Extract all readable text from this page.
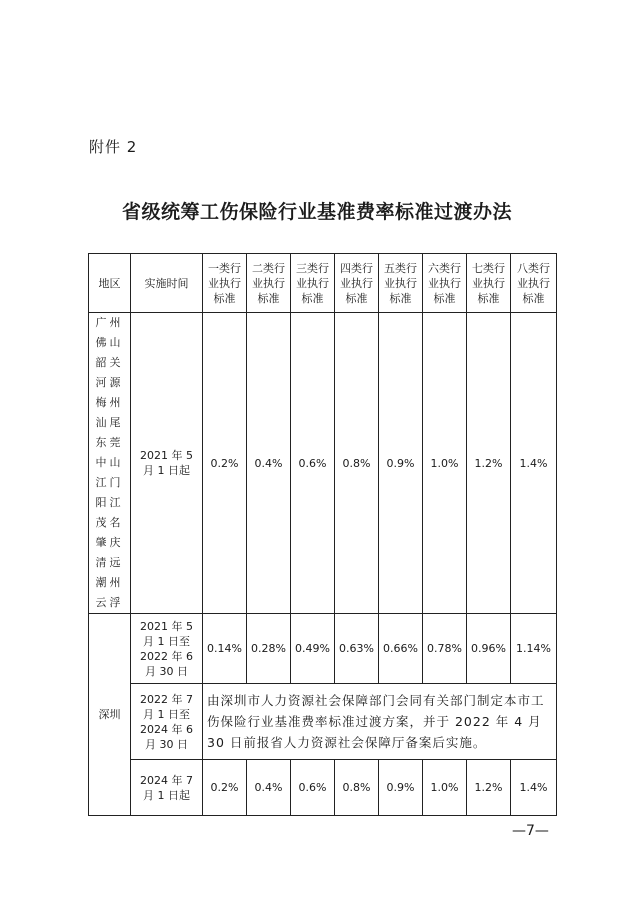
附件 2
省级统筹工伤保险行业基准费率标准过渡办法
地区	实施时间	一类行业执行标准	二类行业执行标准	三类行业执行标准	四类行业执行标准	五类行业执行标准	六类行业执行标准	七类行业执行标准	八类行业执行标准

广州佛山韶关河源梅州汕尾东莞中山江门阳江茂名肇庆清远潮州云浮	2021 年 5 月 1 日起	0.2%	0.4%	0.6%	0.8%	0.9%	1.0%	1.2%	1.4%
深圳	2021 年 5 月 1 日至 2022 年 6 月 30 日	0.14%	0.28%	0.49%	0.63%	0.66%	0.78%	0.96%	1.14%
	2022 年 7 月 1 日至 2024 年 6 月 30 日	由深圳市人力资源社会保障部门会同有关部门制定本市工伤保险行业基准费率标准过渡方案，并于 2022 年 4 月 30 日前报省人力资源社会保障厅备案后实施。							
	2024 年 7 月 1 日起	0.2%	0.4%	0.6%	0.8%	0.9%	1.0%	1.2%	1.4%
—7—
